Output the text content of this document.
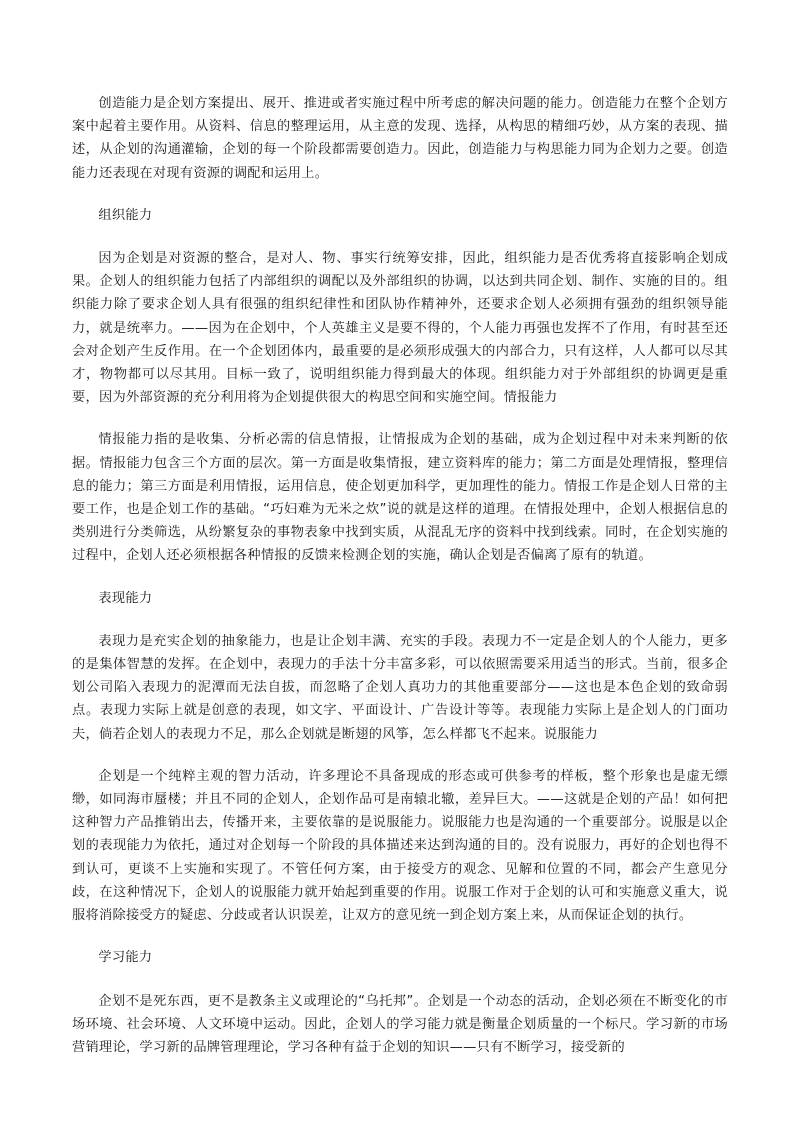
创造能力是企划方案提出、展开、推进或者实施过程中所考虑的解决问题的能力。创造能力在整个企划方案中起着主要作用。从资料、信息的整理运用，从主意的发现、选择，从构思的精细巧妙，从方案的表现、描述，从企划的沟通灌输，企划的每一个阶段都需要创造力。因此，创造能力与构思能力同为企划力之要。创造能力还表现在对现有资源的调配和运用上。

组织能力

因为企划是对资源的整合，是对人、物、事实行统筹安排，因此，组织能力是否优秀将直接影响企划成果。企划人的组织能力包括了内部组织的调配以及外部组织的协调，以达到共同企划、制作、实施的目的。组织能力除了要求企划人具有很强的组织纪律性和团队协作精神外，还要求企划人必须拥有强劲的组织领导能力，就是统率力。——因为在企划中，个人英雄主义是要不得的，个人能力再强也发挥不了作用，有时甚至还会对企划产生反作用。在一个企划团体内，最重要的是必须形成强大的内部合力，只有这样，人人都可以尽其才，物物都可以尽其用。目标一致了，说明组织能力得到最大的体现。组织能力对于外部组织的协调更是重要，因为外部资源的充分利用将为企划提供很大的构思空间和实施空间。情报能力

情报能力指的是收集、分析必需的信息情报，让情报成为企划的基础，成为企划过程中对未来判断的依据。情报能力包含三个方面的层次。第一方面是收集情报，建立资料库的能力；第二方面是处理情报，整理信息的能力；第三方面是利用情报，运用信息，使企划更加科学，更加理性的能力。情报工作是企划人日常的主要工作，也是企划工作的基础。“巧妇难为无米之炊”说的就是这样的道理。在情报处理中，企划人根据信息的类别进行分类筛选，从纷繁复杂的事物表象中找到实质，从混乱无序的资料中找到线索。同时，在企划实施的过程中，企划人还必须根据各种情报的反馈来检测企划的实施，确认企划是否偏离了原有的轨道。

表现能力

表现力是充实企划的抽象能力，也是让企划丰满、充实的手段。表现力不一定是企划人的个人能力，更多的是集体智慧的发挥。在企划中，表现力的手法十分丰富多彩，可以依照需要采用适当的形式。当前，很多企划公司陷入表现力的泥潭而无法自拔，而忽略了企划人真功力的其他重要部分——这也是本色企划的致命弱点。表现力实际上就是创意的表现，如文字、平面设计、广告设计等等。表现能力实际上是企划人的门面功夫，倘若企划人的表现力不足，那么企划就是断翅的风筝，怎么样都飞不起来。说服能力

企划是一个纯粹主观的智力活动，许多理论不具备现成的形态或可供参考的样板，整个形象也是虚无缥缈，如同海市蜃楼；并且不同的企划人，企划作品可是南辕北辙，差异巨大。——这就是企划的产品！如何把这种智力产品推销出去，传播开来，主要依靠的是说服能力。说服能力也是沟通的一个重要部分。说服是以企划的表现能力为依托，通过对企划每一个阶段的具体描述来达到沟通的目的。没有说服力，再好的企划也得不到认可，更谈不上实施和实现了。不管任何方案，由于接受方的观念、见解和位置的不同，都会产生意见分歧，在这种情况下，企划人的说服能力就开始起到重要的作用。说服工作对于企划的认可和实施意义重大，说服将消除接受方的疑虑、分歧或者认识误差，让双方的意见统一到企划方案上来，从而保证企划的执行。

学习能力

企划不是死东西，更不是教条主义或理论的“乌托邦”。企划是一个动态的活动，企划必须在不断变化的市场环境、社会环境、人文环境中运动。因此，企划人的学习能力就是衡量企划质量的一个标尺。学习新的市场营销理论，学习新的品牌管理理论，学习各种有益于企划的知识——只有不断学习，接受新的
